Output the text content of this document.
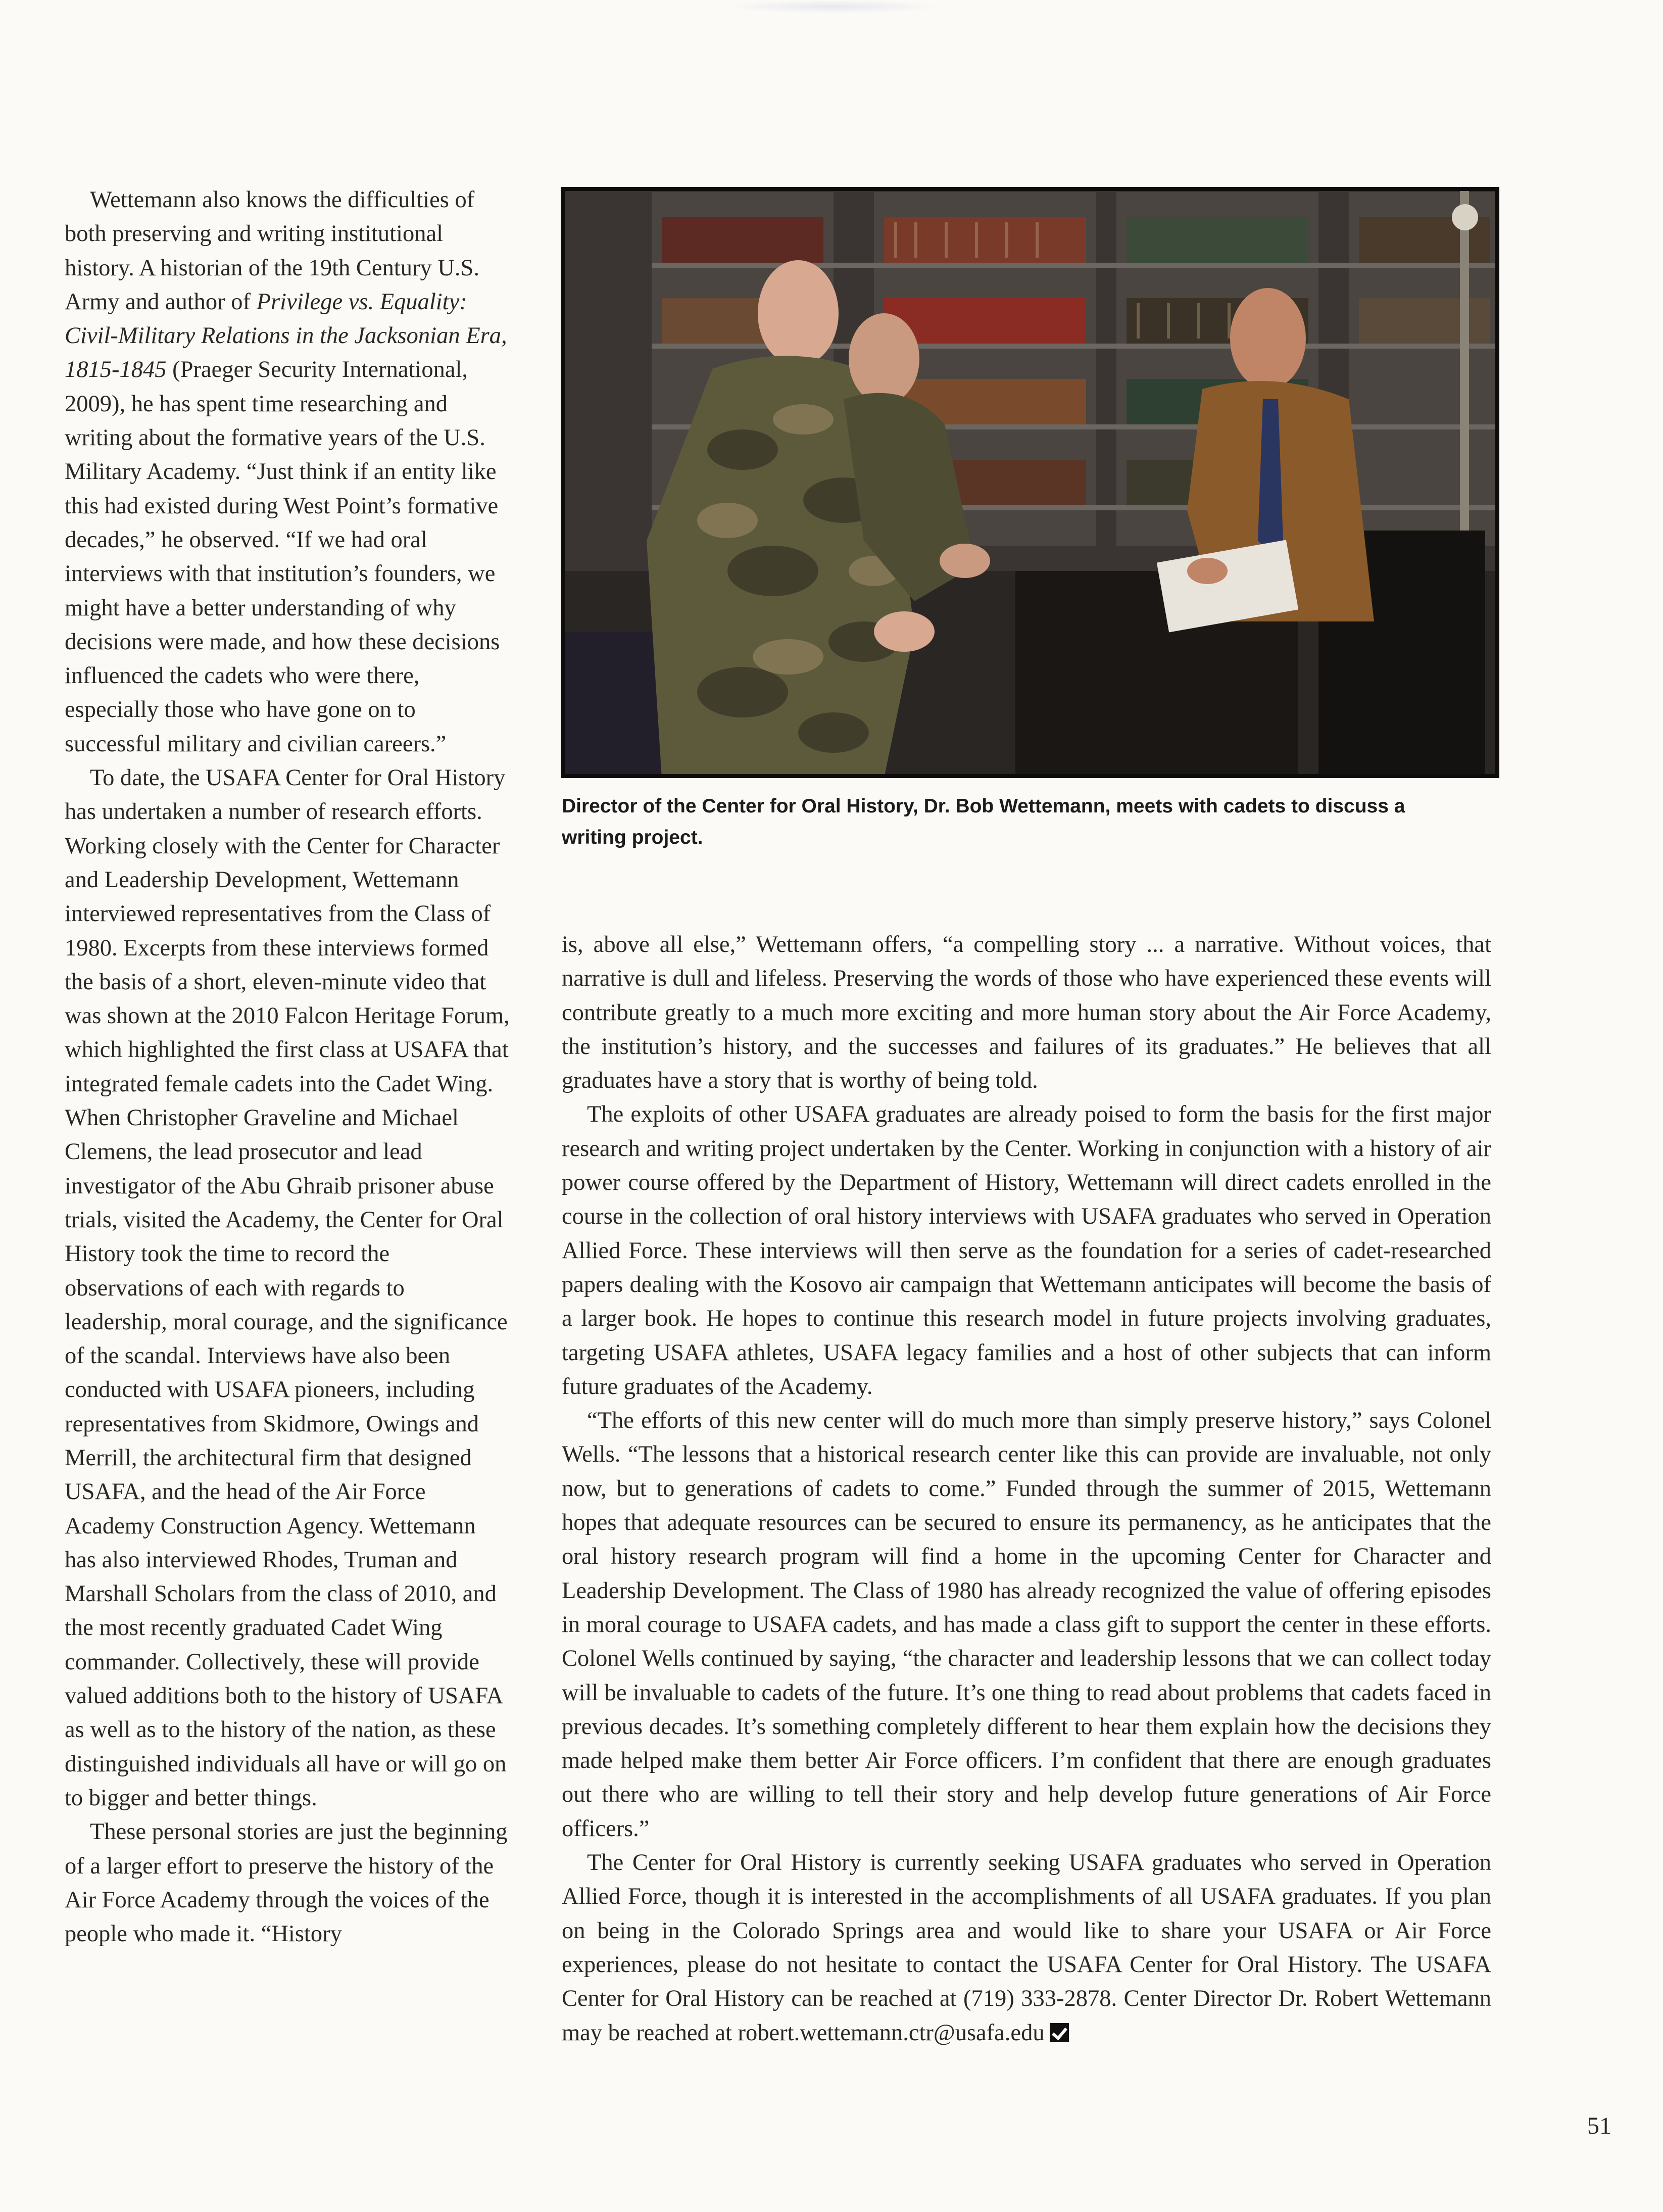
Wettemann also knows the difficulties of both preserving and writing institutional history. A historian of the 19th Century U.S. Army and author of Privilege vs. Equality: Civil-Military Relations in the Jacksonian Era, 1815-1845 (Praeger Security International, 2009), he has spent time researching and writing about the formative years of the U.S. Military Academy. “Just think if an entity like this had existed during West Point’s formative decades,” he observed. “If we had oral interviews with that institution’s founders, we might have a better understanding of why decisions were made, and how these decisions influenced the cadets who were there, especially those who have gone on to successful military and civilian careers.”

To date, the USAFA Center for Oral History has undertaken a number of research efforts. Working closely with the Center for Character and Leadership Development, Wettemann interviewed representatives from the Class of 1980. Excerpts from these interviews formed the basis of a short, eleven-minute video that was shown at the 2010 Falcon Heritage Forum, which highlighted the first class at USAFA that integrated female cadets into the Cadet Wing. When Christopher Graveline and Michael Clemens, the lead prosecutor and lead investigator of the Abu Ghraib prisoner abuse trials, visited the Academy, the Center for Oral History took the time to record the observations of each with regards to leadership, moral courage, and the significance of the scandal. Interviews have also been conducted with USAFA pioneers, including representatives from Skidmore, Owings and Merrill, the architectural firm that designed USAFA, and the head of the Air Force Academy Construction Agency. Wettemann has also interviewed Rhodes, Truman and Marshall Scholars from the class of 2010, and the most recently graduated Cadet Wing commander. Collectively, these will provide valued additions both to the history of USAFA as well as to the history of the nation, as these distinguished individuals all have or will go on to bigger and better things.

These personal stories are just the beginning of a larger effort to preserve the history of the Air Force Academy through the voices of the people who made it. “History

Director of the Center for Oral History, Dr. Bob Wettemann, meets with cadets to discuss a writing project.

is, above all else,” Wettemann offers, “a compelling story ... a narrative. Without voices, that narrative is dull and lifeless. Preserving the words of those who have experienced these events will contribute greatly to a much more exciting and more human story about the Air Force Academy, the institution’s history, and the successes and failures of its graduates.” He believes that all graduates have a story that is worthy of being told.

The exploits of other USAFA graduates are already poised to form the basis for the first major research and writing project undertaken by the Center. Working in conjunction with a history of air power course offered by the Department of History, Wettemann will direct cadets enrolled in the course in the collection of oral history interviews with USAFA graduates who served in Operation Allied Force. These interviews will then serve as the foundation for a series of cadet-researched papers dealing with the Kosovo air campaign that Wettemann anticipates will become the basis of a larger book. He hopes to continue this research model in future projects involving graduates, targeting USAFA athletes, USAFA legacy families and a host of other subjects that can inform future graduates of the Academy.

“The efforts of this new center will do much more than simply preserve history,” says Colonel Wells. “The lessons that a historical research center like this can provide are invaluable, not only now, but to generations of cadets to come.” Funded through the summer of 2015, Wettemann hopes that adequate resources can be secured to ensure its permanency, as he anticipates that the oral history research program will find a home in the upcoming Center for Character and Leadership Development. The Class of 1980 has already recognized the value of offering episodes in moral courage to USAFA cadets, and has made a class gift to support the center in these efforts. Colonel Wells continued by saying, “the character and leadership lessons that we can collect today will be invaluable to cadets of the future. It’s one thing to read about problems that cadets faced in previous decades. It’s something completely different to hear them explain how the decisions they made helped make them better Air Force officers. I’m confident that there are enough graduates out there who are willing to tell their story and help develop future generations of Air Force officers.”

The Center for Oral History is currently seeking USAFA graduates who served in Operation Allied Force, though it is interested in the accomplishments of all USAFA graduates. If you plan on being in the Colorado Springs area and would like to share your USAFA or Air Force experiences, please do not hesitate to contact the USAFA Center for Oral History. The USAFA Center for Oral History can be reached at (719) 333-2878. Center Director Dr. Robert Wettemann may be reached at robert.wettemann.ctr@usafa.edu

51
